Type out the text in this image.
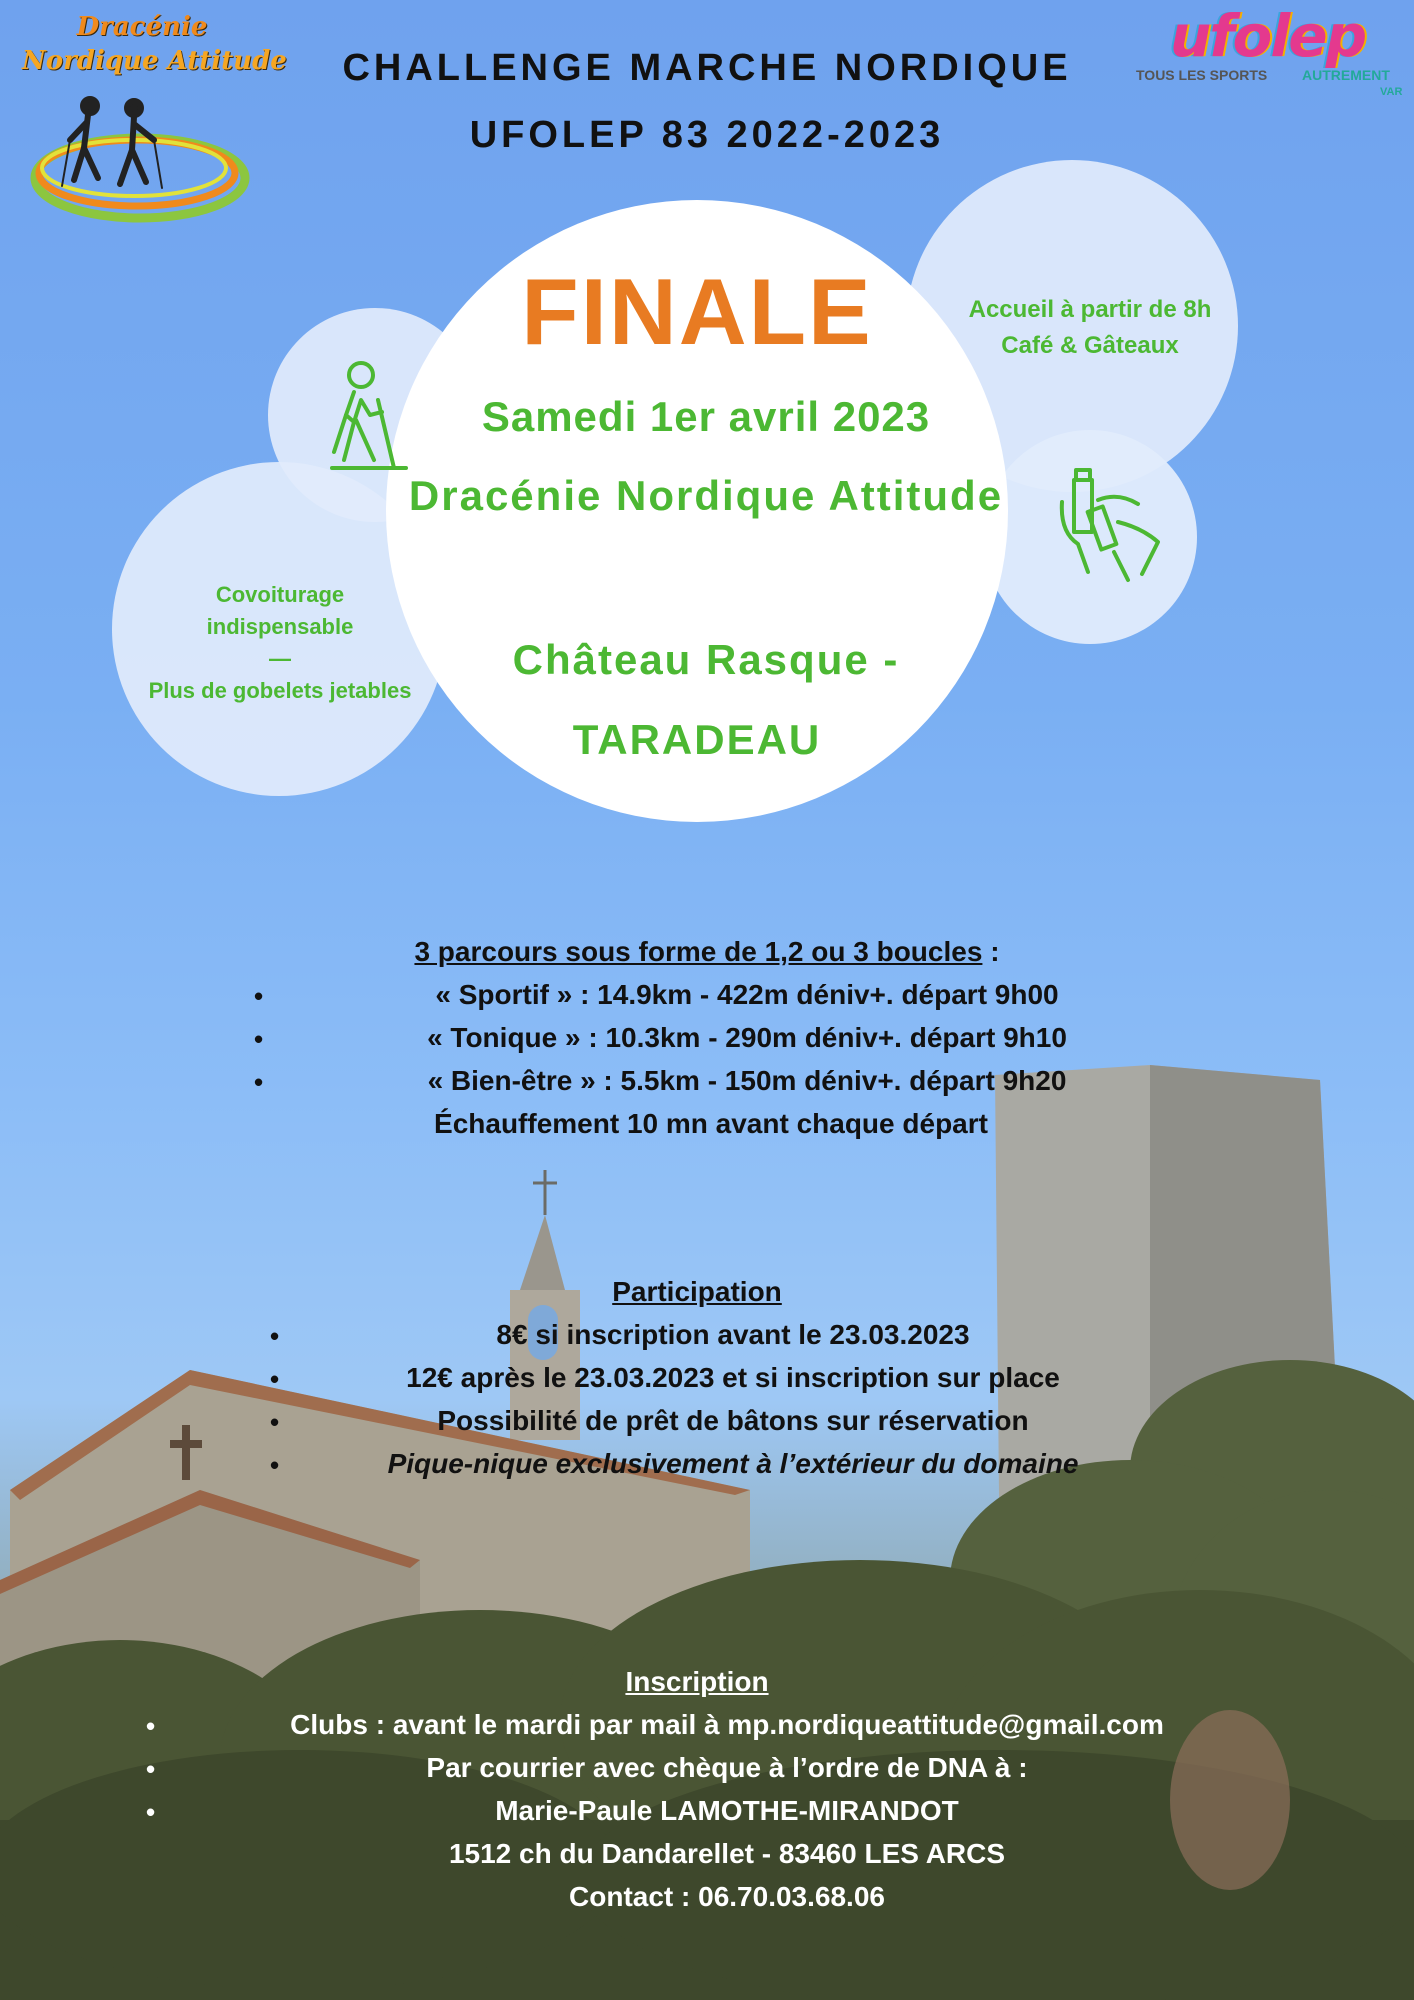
CHALLENGE MARCHE NORDIQUE
UFOLEP 83 2022-2023
Dracénie
Nordique Attitude	ufolep
TOUS LES SPORTS AUTREMENT
VAR
Accueil à partir de 8h
Café & Gâteaux
Covoiturage
indispensable
—
Plus de gobelets jetables
FINALE
Samedi 1er avril 2023
Dracénie Nordique Attitude
Château Rasque -
TARADEAU
3 parcours sous forme de 1,2 ou 3 boucles :
•	« Sportif » : 14.9km - 422m déniv+. départ 9h00
•	« Tonique » : 10.3km - 290m déniv+. départ 9h10
•	« Bien-être » : 5.5km - 150m déniv+. départ 9h20
Échauffement 10 mn avant chaque départ
Participation
•	8€ si inscription avant le 23.03.2023
•	12€ après le 23.03.2023 et si inscription sur place
•	Possibilité de prêt de bâtons sur réservation
•	Pique-nique exclusivement à l’extérieur du domaine
Inscription
•	Clubs : avant le mardi par mail à mp.nordiqueattitude@gmail.com
•	Par courrier avec chèque à l’ordre de DNA à :
•	Marie-Paule LAMOTHE-MIRANDOT
1512 ch du Dandarellet - 83460 LES ARCS
Contact : 06.70.03.68.06
